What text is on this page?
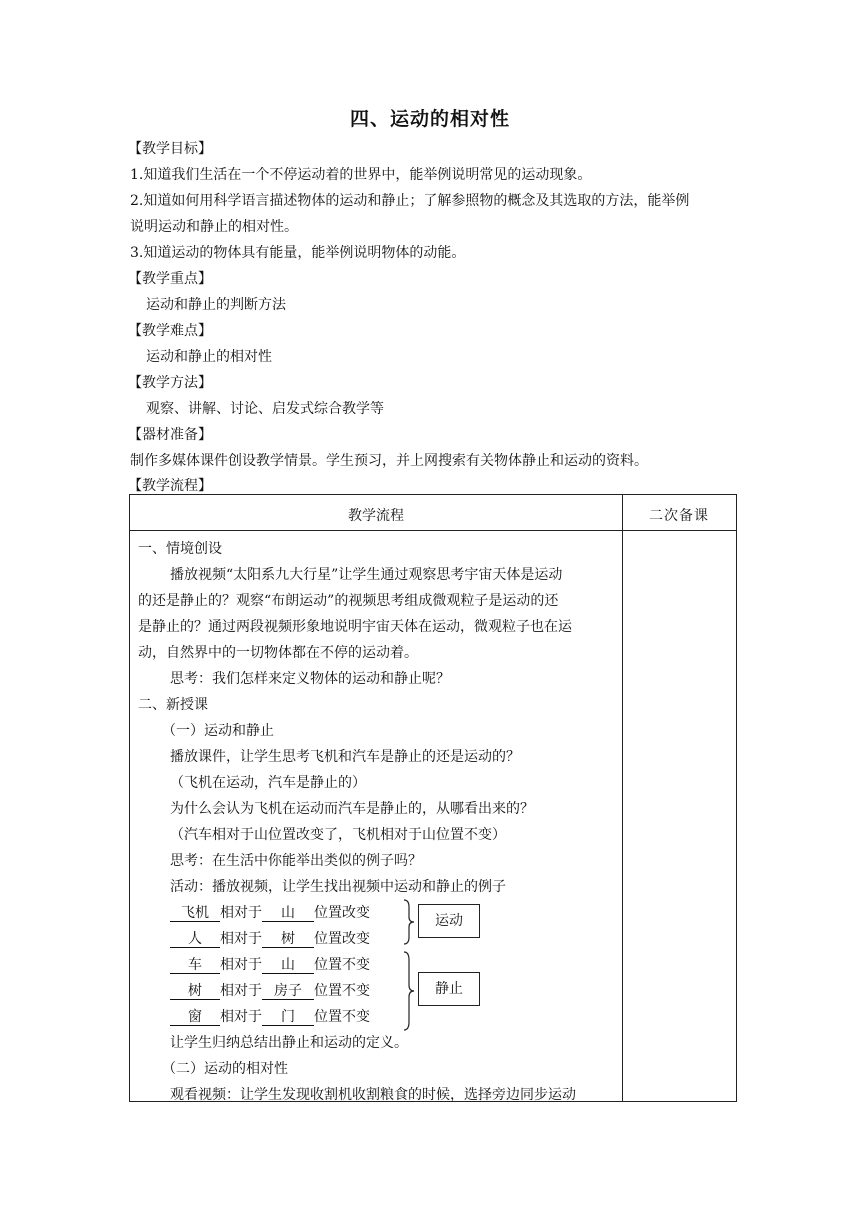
四、运动的相对性
【教学目标】
1.知道我们生活在一个不停运动着的世界中，能举例说明常见的运动现象。
2.知道如何用科学语言描述物体的运动和静止；了解参照物的概念及其选取的方法，能举例
说明运动和静止的相对性。
3.知道运动的物体具有能量，能举例说明物体的动能。
【教学重点】
运动和静止的判断方法
【教学难点】
运动和静止的相对性
【教学方法】
观察、讲解、讨论、启发式综合教学等
【器材准备】
制作多媒体课件创设教学情景。学生预习，并上网搜索有关物体静止和运动的资料。
【教学流程】
教学流程	二次备课
一、情境创设
播放视频“太阳系九大行星”让学生通过观察思考宇宙天体是运动
的还是静止的？观察“布朗运动”的视频思考组成微观粒子是运动的还
是静止的？通过两段视频形象地说明宇宙天体在运动，微观粒子也在运
动，自然界中的一切物体都在不停的运动着。
思考：我们怎样来定义物体的运动和静止呢？
二、新授课
（一）运动和静止
播放课件，让学生思考飞机和汽车是静止的还是运动的？
（飞机在运动，汽车是静止的）
为什么会认为飞机在运动而汽车是静止的，从哪看出来的？
（汽车相对于山位置改变了，飞机相对于山位置不变）
思考：在生活中你能举出类似的例子吗？
活动：播放视频，让学生找出视频中运动和静止的例子
飞机 相对于 山 位置改变
人 相对于 树 位置改变
车 相对于 山 位置不变
树 相对于 房子 位置不变
窗 相对于 门 位置不变
运动
静止
让学生归纳总结出静止和运动的定义。
（二）运动的相对性
观看视频：让学生发现收割机收割粮食的时候，选择旁边同步运动
